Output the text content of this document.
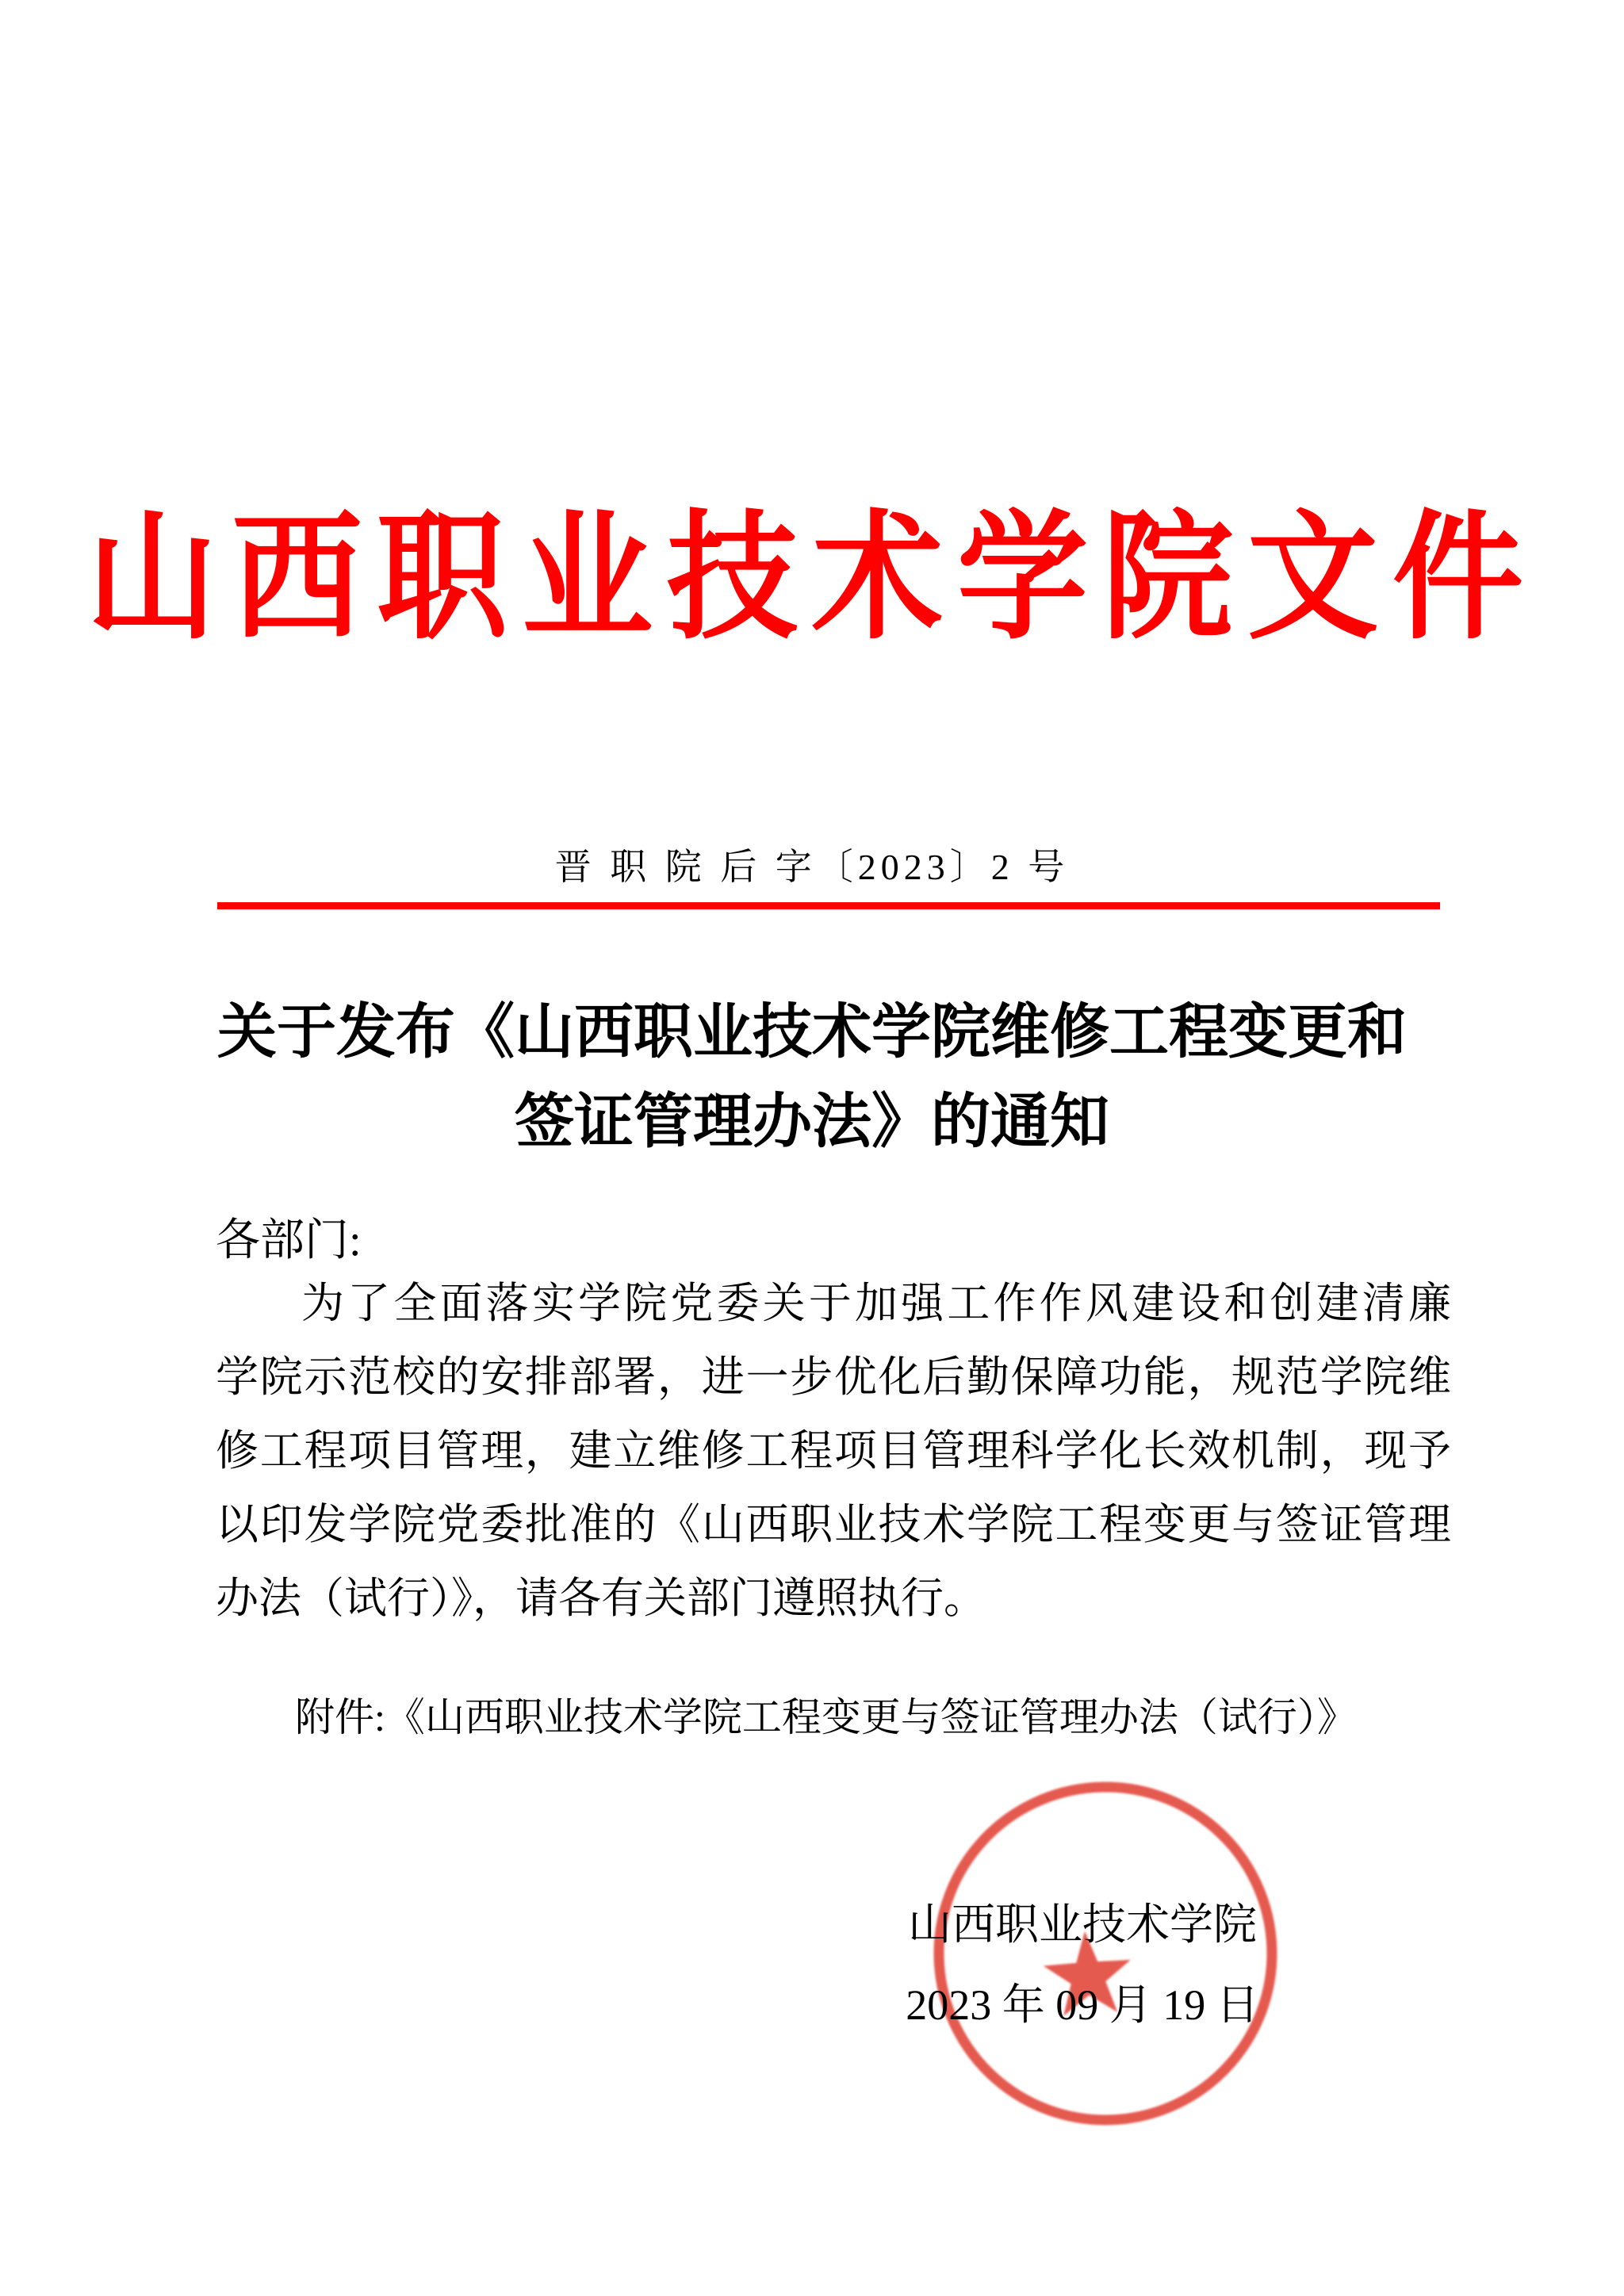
山西职业技术学院文件
晋 职 院 后 字〔2023〕2 号
关于发布《山西职业技术学院维修工程变更和
签证管理办法》的通知
各部门:
为了全面落实学院党委关于加强工作作风建设和创建清廉
学院示范校的安排部署，进一步优化后勤保障功能，规范学院维
修工程项目管理，建立维修工程项目管理科学化长效机制，现予
以印发学院党委批准的《山西职业技术学院工程变更与签证管理
办法（试行）》，请各有关部门遵照执行。
附件:《山西职业技术学院工程变更与签证管理办法（试行）》
山西职业技术学院
2023 年 09 月 19 日
